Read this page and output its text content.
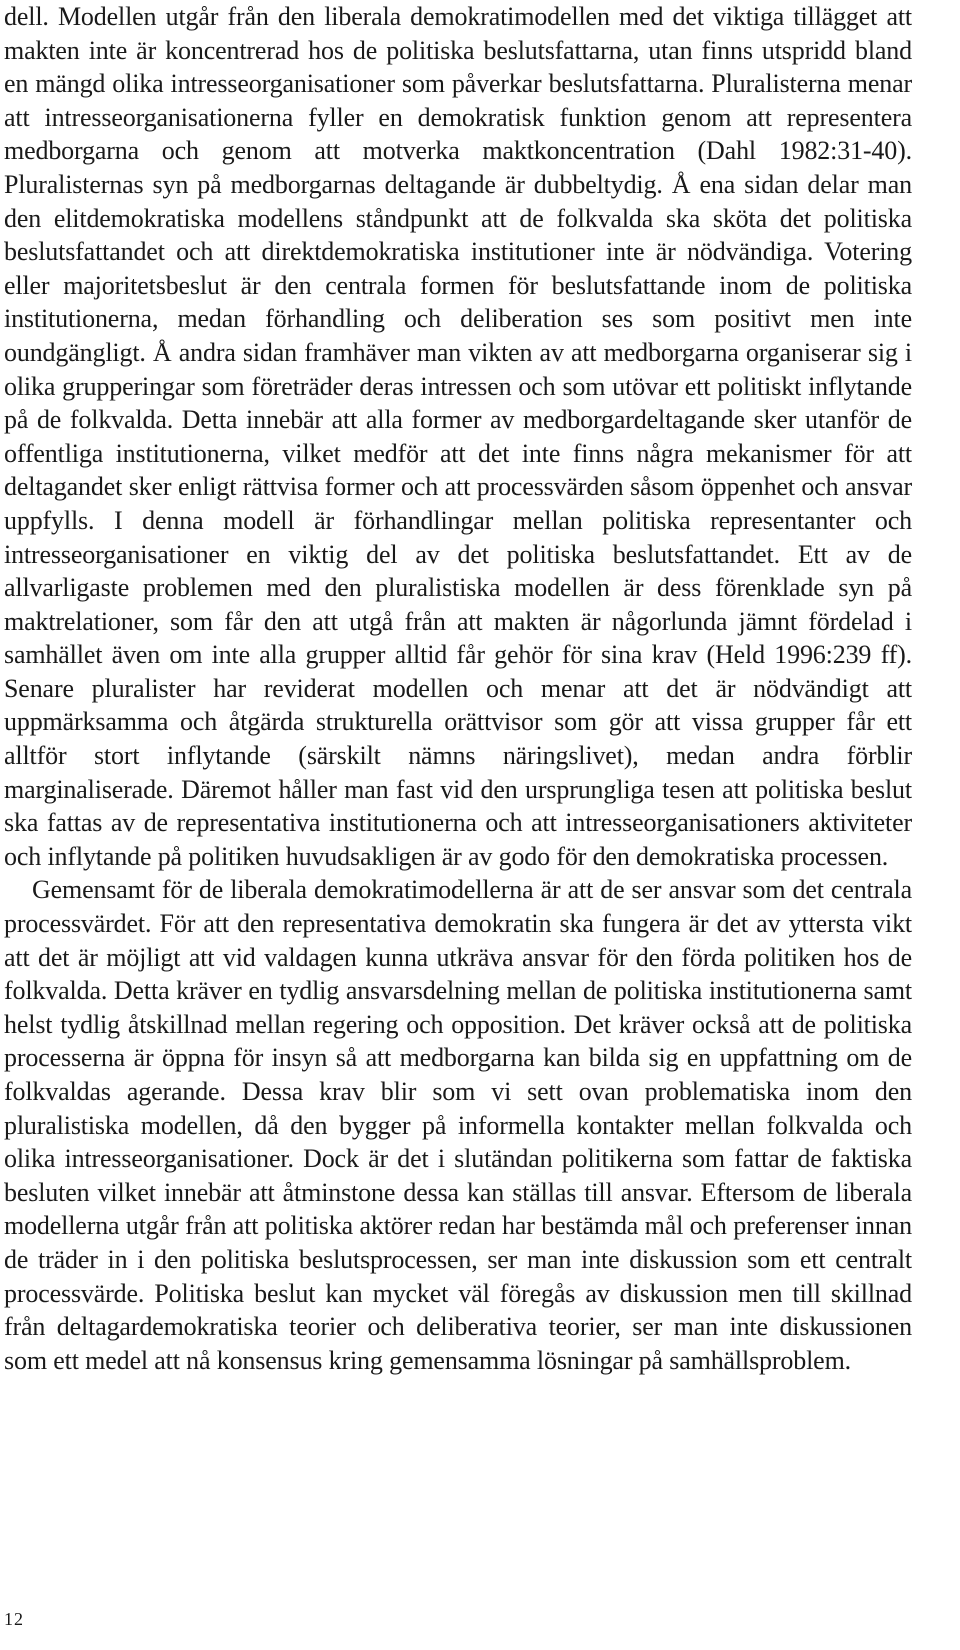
dell. Modellen utgår från den liberala demokratimodellen med det viktiga tillägget att makten inte är koncentrerad hos de politiska beslutsfattarna, utan finns utspridd bland en mängd olika intresseorganisationer som påverkar beslutsfattarna. Pluralisterna menar att intresseorganisationerna fyller en demokratisk funktion genom att representera medborgarna och genom att motverka maktkoncentration (Dahl 1982:31-40). Pluralisternas syn på medborgarnas deltagande är dubbeltydig. Å ena sidan delar man den elitdemokratiska modellens ståndpunkt att de folkvalda ska sköta det politiska beslutsfattandet och att direktdemokratiska institutioner inte är nödvändiga. Votering eller majoritetsbeslut är den centrala formen för beslutsfattande inom de politiska institutionerna, medan förhandling och deliberation ses som positivt men inte oundgängligt. Å andra sidan framhäver man vikten av att medborgarna organiserar sig i olika grupperingar som företräder deras intressen och som utövar ett politiskt inflytande på de folkvalda. Detta innebär att alla former av medborgardeltagande sker utanför de offentliga institutionerna, vilket medför att det inte finns några mekanismer för att deltagandet sker enligt rättvisa former och att processvärden såsom öppenhet och ansvar uppfylls. I denna modell är förhandlingar mellan politiska representanter och intresseorganisationer en viktig del av det politiska beslutsfattandet. Ett av de allvarligaste problemen med den pluralistiska modellen är dess förenklade syn på maktrelationer, som får den att utgå från att makten är någorlunda jämnt fördelad i samhället även om inte alla grupper alltid får gehör för sina krav (Held 1996:239 ff). Senare pluralister har reviderat modellen och menar att det är nödvändigt att uppmärksamma och åtgärda strukturella orättvisor som gör att vissa grupper får ett alltför stort inflytande (särskilt nämns näringslivet), medan andra förblir marginaliserade. Däremot håller man fast vid den ursprungliga tesen att politiska beslut ska fattas av de representativa institutionerna och att intresseorganisationers aktiviteter och inflytande på politiken huvudsakligen är av godo för den demokratiska processen.

Gemensamt för de liberala demokratimodellerna är att de ser ansvar som det centrala processvärdet. För att den representativa demokratin ska fungera är det av yttersta vikt att det är möjligt att vid valdagen kunna utkräva ansvar för den förda politiken hos de folkvalda. Detta kräver en tydlig ansvarsdelning mellan de politiska institutionerna samt helst tydlig åtskillnad mellan regering och opposition. Det kräver också att de politiska processerna är öppna för insyn så att medborgarna kan bilda sig en uppfattning om de folkvaldas agerande. Dessa krav blir som vi sett ovan problematiska inom den pluralistiska modellen, då den bygger på informella kontakter mellan folkvalda och olika intresseorganisationer. Dock är det i slutändan politikerna som fattar de faktiska besluten vilket innebär att åtminstone dessa kan ställas till ansvar. Eftersom de liberala modellerna utgår från att politiska aktörer redan har bestämda mål och preferenser innan de träder in i den politiska beslutsprocessen, ser man inte diskussion som ett centralt processvärde. Politiska beslut kan mycket väl föregås av diskussion men till skillnad från deltagardemokratiska teorier och deliberativa teorier, ser man inte diskussionen som ett medel att nå konsensus kring gemensamma lösningar på samhällsproblem.

12
